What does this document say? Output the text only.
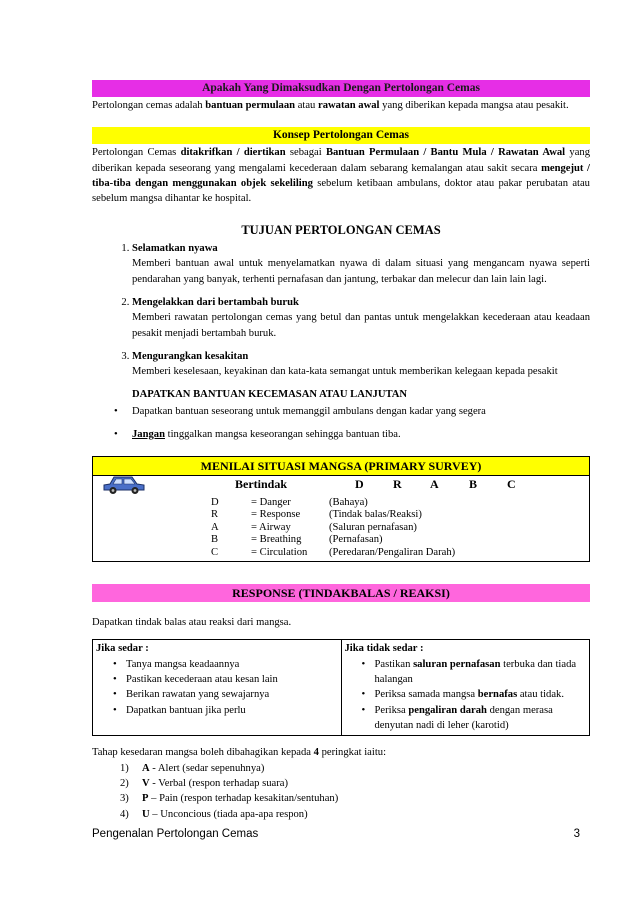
Apakah Yang Dimaksudkan Dengan Pertolongan Cemas
Pertolongan cemas adalah bantuan permulaan atau rawatan awal yang diberikan kepada mangsa atau pesakit.
Konsep Pertolongan Cemas
Pertolongan Cemas ditakrifkan / diertikan sebagai Bantuan Permulaan / Bantu Mula / Rawatan Awal yang diberikan kepada seseorang yang mengalami kecederaan dalam sebarang kemalangan atau sakit secara mengejut / tiba-tiba dengan menggunakan objek sekeliling sebelum ketibaan ambulans, doktor atau pakar perubatan atau sebelum mangsa dihantar ke hospital.
TUJUAN PERTOLONGAN CEMAS
1. Selamatkan nyawa
Memberi bantuan awal untuk menyelamatkan nyawa di dalam situasi yang mengancam nyawa seperti pendarahan yang banyak, terhenti pernafasan dan jantung, terbakar dan melecur dan lain lain lagi.
2. Mengelakkan dari bertambah buruk
Memberi rawatan pertolongan cemas yang betul dan pantas untuk mengelakkan kecederaan atau keadaan pesakit menjadi bertambah buruk.
3. Mengurangkan kesakitan
Memberi keselesaan, keyakinan dan kata-kata semangat untuk memberikan kelegaan kepada pesakit
DAPATKAN BANTUAN KECEMASAN ATAU LANJUTAN
• Dapatkan bantuan seseorang untuk memanggil ambulans dengan kadar yang segera
• Jangan tinggalkan mangsa keseorangan sehingga bantuan tiba.
MENILAI SITUASI MANGSA (PRIMARY SURVEY)
Bertindak	D R A	B C
D	= Danger	(Bahaya)
R	= Response	(Tindak balas/Reaksi)
A	= Airway	(Saluran pernafasan)
B	= Breathing	(Pernafasan)
C	= Circulation (Peredaran/Pengaliran Darah)
RESPONSE (TINDAKBALAS / REAKSI)
Dapatkan tindak balas atau reaksi dari mangsa.
Jika sedar :
• Tanya mangsa keadaannya
• Pastikan kecederaan atau kesan lain
• Berikan rawatan yang sewajarnya
• Dapatkan bantuan jika perlu
Jika tidak sedar :
• Pastikan saluran pernafasan terbuka dan tiada halangan
• Periksa samada mangsa bernafas atau tidak.
• Periksa pengaliran darah dengan merasa denyutan nadi di leher (karotid)
Tahap kesedaran mangsa boleh dibahagikan kepada 4 peringkat iaitu:
1) A - Alert (sedar sepenuhnya)
2) V - Verbal (respon terhadap suara)
3) P – Pain (respon terhadap kesakitan/sentuhan)
4) U – Unconcious (tiada apa-apa respon)
Pengenalan Pertolongan Cemas	3
